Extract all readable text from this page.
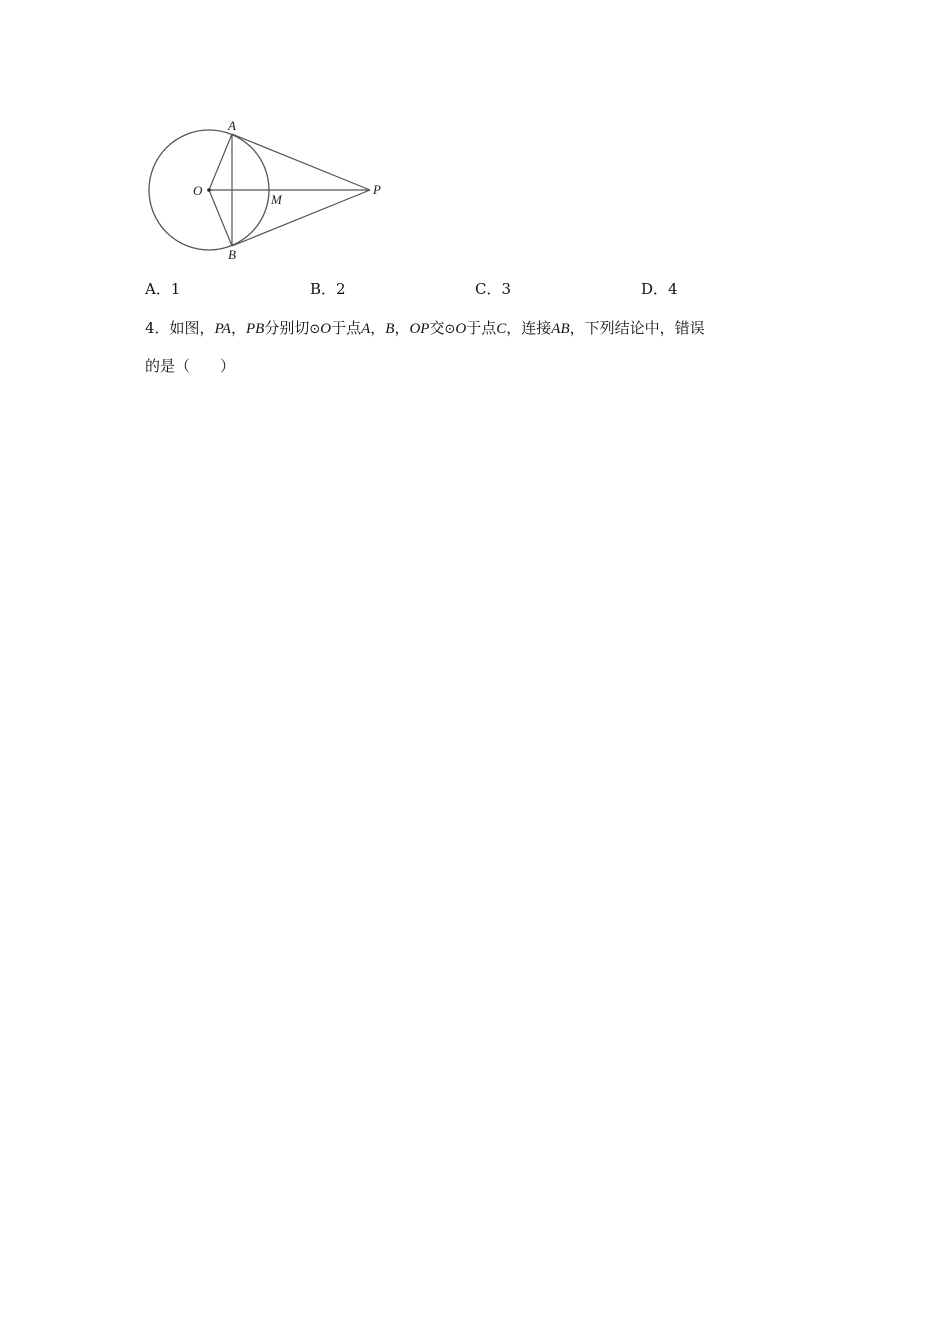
A
O
M
P
B
A．1	B．2	C．3	D．4
4．如图，PA，PB分别切⊙O于点A，B，OP交⊙O于点C，连接AB，下列结论中，错误
的是（　　）
